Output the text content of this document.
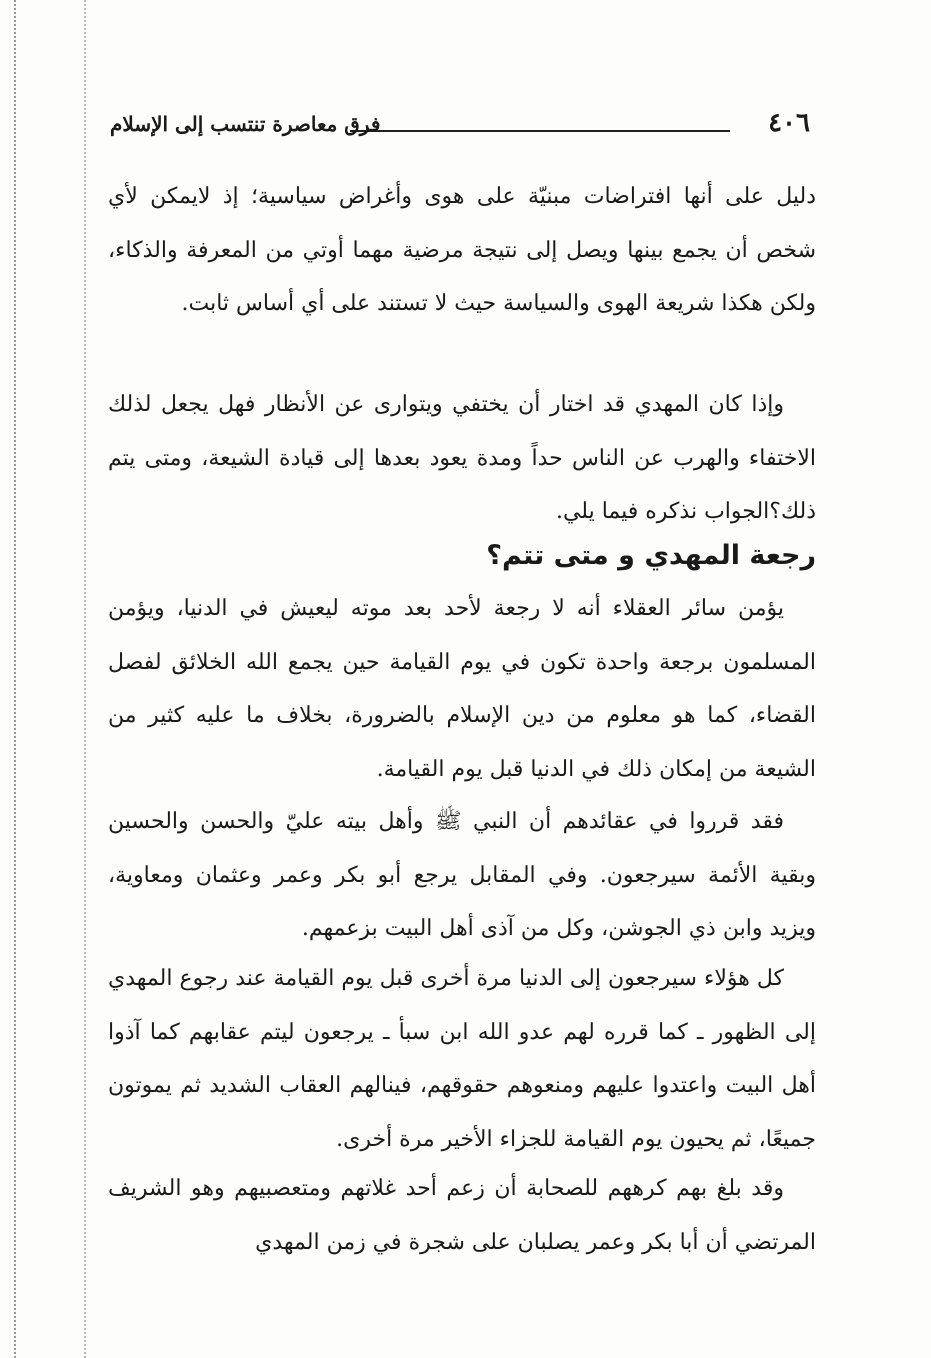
٤٠٦
فرق معاصرة تنتسب إلى الإسلام

دليل على أنها افتراضات مبنيّة على هوى وأغراض سياسية؛ إذ لايمكن لأي شخص أن يجمع بينها ويصل إلى نتيجة مرضية مهما أوتي من المعرفة والذكاء، ولكن هكذا شريعة الهوى والسياسة حيث لا تستند على أي أساس ثابت.

وإذا كان المهدي قد اختار أن يختفي ويتوارى عن الأنظار فهل يجعل لذلك الاختفاء والهرب عن الناس حداً ومدة يعود بعدها إلى قيادة الشيعة، ومتى يتم ذلك؟الجواب نذكره فيما يلي.

رجعة المهدي و متى تتم؟

يؤمن سائر العقلاء أنه لا رجعة لأحد بعد موته ليعيش في الدنيا، ويؤمن المسلمون برجعة واحدة تكون في يوم القيامة حين يجمع الله الخلائق لفصل القضاء، كما هو معلوم من دين الإسلام بالضرورة، بخلاف ما عليه كثير من الشيعة من إمكان ذلك في الدنيا قبل يوم القيامة.

فقد قرروا في عقائدهم أن النبي ﷺ وأهل بيته عليّ والحسن والحسين وبقية الأئمة سيرجعون. وفي المقابل يرجع أبو بكر وعمر وعثمان ومعاوية، ويزيد وابن ذي الجوشن، وكل من آذى أهل البيت بزعمهم.

كل هؤلاء سيرجعون إلى الدنيا مرة أخرى قبل يوم القيامة عند رجوع المهدي إلى الظهور ـ كما قرره لهم عدو الله ابن سبأ ـ يرجعون ليتم عقابهم كما آذوا أهل البيت واعتدوا عليهم ومنعوهم حقوقهم، فينالهم العقاب الشديد ثم يموتون جميعًا، ثم يحيون يوم القيامة للجزاء الأخير مرة أخرى.

وقد بلغ بهم كرههم للصحابة أن زعم أحد غلاتهم ومتعصبيهم وهو الشريف المرتضي أن أبا بكر وعمر يصلبان على شجرة في زمن المهدي
